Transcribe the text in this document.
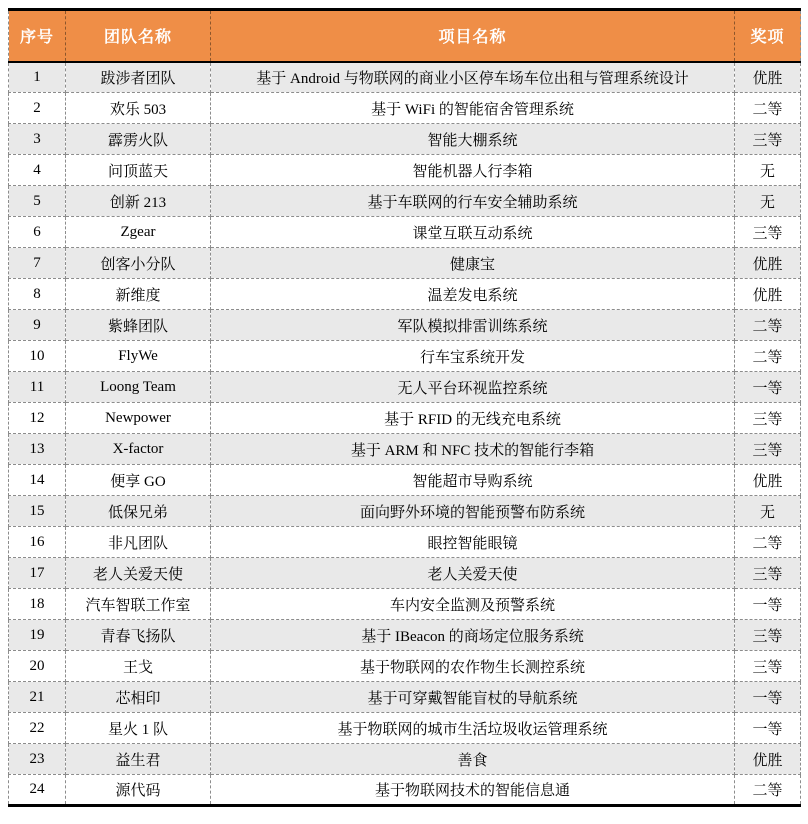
序号	团队名称	项目名称	奖项
1	跋涉者团队	基于 Android 与物联网的商业小区停车场车位出租与管理系统设计	优胜
2	欢乐 503	基于 WiFi 的智能宿舍管理系统	二等
3	霹雳火队	智能大棚系统	三等
4	问顶蓝天	智能机器人行李箱	无
5	创新 213	基于车联网的行车安全辅助系统	无
6	Zgear	课堂互联互动系统	三等
7	创客小分队	健康宝	优胜
8	新维度	温差发电系统	优胜
9	紫蜂团队	军队模拟排雷训练系统	二等
10	FlyWe	行车宝系统开发	二等
11	Loong Team	无人平台环视监控系统	一等
12	Newpower	基于 RFID 的无线充电系统	三等
13	X-factor	基于 ARM 和 NFC 技术的智能行李箱	三等
14	便享 GO	智能超市导购系统	优胜
15	低保兄弟	面向野外环境的智能预警布防系统	无
16	非凡团队	眼控智能眼镜	二等
17	老人关爱天使	老人关爱天使	三等
18	汽车智联工作室	车内安全监测及预警系统	一等
19	青春飞扬队	基于 IBeacon 的商场定位服务系统	三等
20	王戈	基于物联网的农作物生长测控系统	三等
21	芯相印	基于可穿戴智能盲杖的导航系统	一等
22	星火 1 队	基于物联网的城市生活垃圾收运管理系统	一等
23	益生君	善食	优胜
24	源代码	基于物联网技术的智能信息通	二等
